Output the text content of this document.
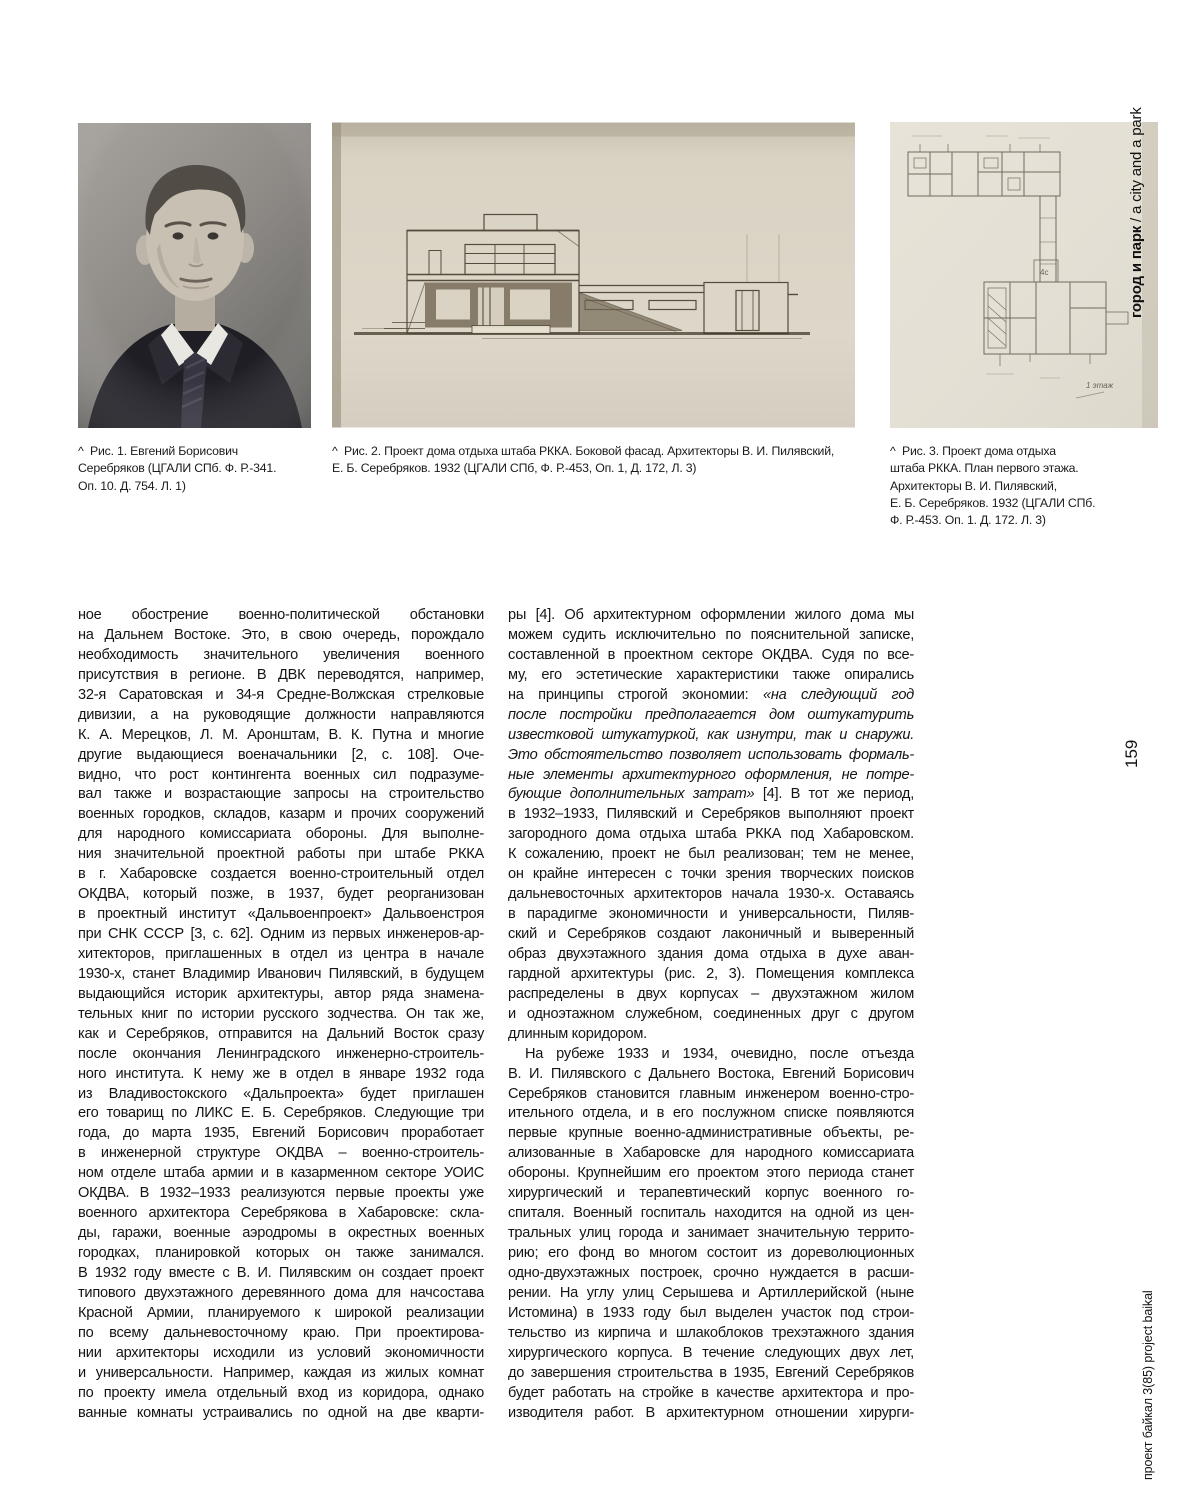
4с
1 этаж
^  Рис. 1. Евгений Борисович
Серебряков (ЦГАЛИ СПб. Ф. Р.-341.
Оп. 10. Д. 754. Л. 1)
^  Рис. 2. Проект дома отдыха штаба РККА. Боковой фасад. Архитекторы В. И. Пилявский,
Е. Б. Серебряков. 1932 (ЦГАЛИ СПб, Ф. Р.-453, Оп. 1, Д. 172, Л. 3)
^  Рис. 3. Проект дома отдыха
штаба РККА. План первого этажа.
Архитекторы В. И. Пилявский,
Е. Б. Серебряков. 1932 (ЦГАЛИ СПб.
Ф. Р.-453. Оп. 1. Д. 172. Л. 3)
ное обострение военно-политической обстановки
на Дальнем Востоке. Это, в свою очередь, порождало
необходимость значительного увеличения военного
присутствия в регионе. В ДВК переводятся, например,
32-я Саратовская и 34-я Средне-Волжская стрелковые
дивизии, а на руководящие должности направляются
К. А. Мерецков, Л. М. Аронштам, В. К. Путна и многие
другие выдающиеся военачальники [2, с. 108]. Оче-
видно, что рост контингента военных сил подразуме-
вал также и возрастающие запросы на строительство
военных городков, складов, казарм и прочих сооружений
для народного комиссариата обороны. Для выполне-
ния значительной проектной работы при штабе РККА
в г. Хабаровске создается военно-строительный отдел
ОКДВА, который позже, в 1937, будет реорганизован
в проектный институт «Дальвоенпроект» Дальвоенстроя
при СНК СССР [3, с. 62]. Одним из первых инженеров-ар-
хитекторов, приглашенных в отдел из центра в начале
1930-х, станет Владимир Иванович Пилявский, в будущем
выдающийся историк архитектуры, автор ряда знамена-
тельных книг по истории русского зодчества. Он так же,
как и Серебряков, отправится на Дальний Восток сразу
после окончания Ленинградского инженерно-строитель-
ного института. К нему же в отдел в январе 1932 года
из Владивостокского «Дальпроекта» будет приглашен
его товарищ по ЛИКС Е. Б. Серебряков. Следующие три
года, до марта 1935, Евгений Борисович проработает
в инженерной структуре ОКДВА – военно-строитель-
ном отделе штаба армии и в казарменном секторе УОИС
ОКДВА. В 1932–1933 реализуются первые проекты уже
военного архитектора Серебрякова в Хабаровске: скла-
ды, гаражи, военные аэродромы в окрестных военных
городках, планировкой которых он также занимался.
В 1932 году вместе с В. И. Пилявским он создает проект
типового двухэтажного деревянного дома для начсостава
Красной Армии, планируемого к широкой реализации
по всему дальневосточному краю. При проектирова-
нии архитекторы исходили из условий экономичности
и универсальности. Например, каждая из жилых комнат
по проекту имела отдельный вход из коридора, однако
ванные комнаты устраивались по одной на две кварти-
ры [4]. Об архитектурном оформлении жилого дома мы
можем судить исключительно по пояснительной записке,
составленной в проектном секторе ОКДВА. Судя по все-
му, его эстетические характеристики также опирались
на принципы строгой экономии: «на следующий год
после постройки предполагается дом оштукатурить
известковой штукатуркой, как изнутри, так и снаружи.
Это обстоятельство позволяет использовать формаль-
ные элементы архитектурного оформления, не потре-
бующие дополнительных затрат» [4]. В тот же период,
в 1932–1933, Пилявский и Серебряков выполняют проект
загородного дома отдыха штаба РККА под Хабаровском.
К сожалению, проект не был реализован; тем не менее,
он крайне интересен с точки зрения творческих поисков
дальневосточных архитекторов начала 1930-х. Оставаясь
в парадигме экономичности и универсальности, Пиляв-
ский и Серебряков создают лаконичный и выверенный
образ двухэтажного здания дома отдыха в духе аван-
гардной архитектуры (рис. 2, 3). Помещения комплекса
распределены в двух корпусах – двухэтажном жилом
и одноэтажном служебном, соединенных друг с другом
длинным коридором.
На рубеже 1933 и 1934, очевидно, после отъезда
В. И. Пилявского с Дальнего Востока, Евгений Борисович
Серебряков становится главным инженером военно-стро-
ительного отдела, и в его послужном списке появляются
первые крупные военно-административные объекты, ре-
ализованные в Хабаровске для народного комиссариата
обороны. Крупнейшим его проектом этого периода станет
хирургический и терапевтический корпус военного го-
спиталя. Военный госпиталь находится на одной из цен-
тральных улиц города и занимает значительную террито-
рию; его фонд во многом состоит из дореволюционных
одно-двухэтажных построек, срочно нуждается в расши-
рении. На углу улиц Серышева и Артиллерийской (ныне
Истомина) в 1933 году был выделен участок под строи-
тельство из кирпича и шлакоблоков трехэтажного здания
хирургического корпуса. В течение следующих двух лет,
до завершения строительства в 1935, Евгений Серебряков
будет работать на стройке в качестве архитектора и про-
изводителя работ. В архитектурном отношении хирурги-
город и парк / a city and a park
159
проект байкал 3(85) project baikal
